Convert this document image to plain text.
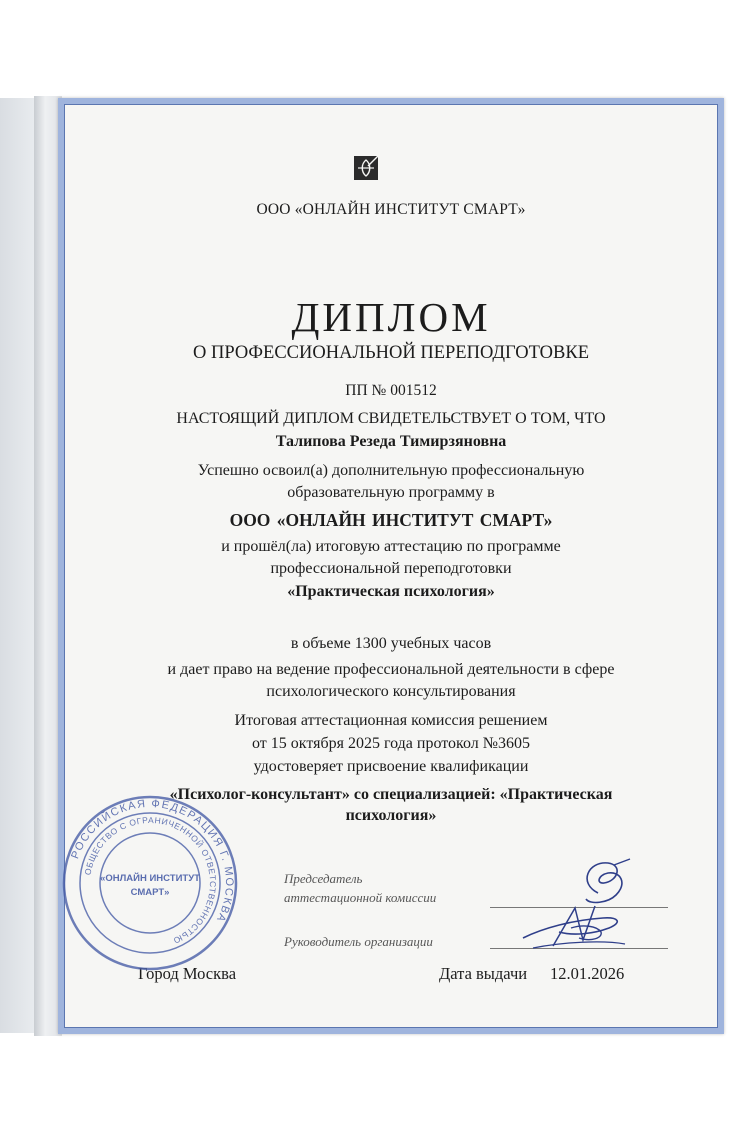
ООО «ОНЛАЙН ИНСТИТУТ СМАРТ»
ДИПЛОМ
О ПРОФЕССИОНАЛЬНОЙ ПЕРЕПОДГОТОВКЕ
ПП № 001512
НАСТОЯЩИЙ ДИПЛОМ СВИДЕТЕЛЬСТВУЕТ О ТОМ, ЧТО
Талипова Резеда Тимирзяновна
Успешно освоил(а) дополнительную профессиональную
образовательную программу в
ООО «ОНЛАЙН ИНСТИТУТ СМАРТ»
и прошёл(ла) итоговую аттестацию по программе
профессиональной переподготовки
«Практическая психология»
в объеме 1300 учебных часов
и дает право на ведение профессиональной деятельности в сфере
психологического консультирования
Итоговая аттестационная комиссия решением
от 15 октября 2025 года протокол №3605
удостоверяет присвоение квалификации
«Психолог-консультант» со специализацией: «Практическая
психология»
Председатель
аттестационной комиссии
Руководитель организации
Город Москва	Дата выдачи 12.01.2026
РОССИЙСКАЯ ФЕДЕРАЦИЯ Г. МОСКВА
ОБЩЕСТВО С ОГРАНИЧЕННОЙ ОТВЕТСТВЕННОСТЬЮ
«ОНЛАЙН ИНСТИТУТ
СМАРТ»
